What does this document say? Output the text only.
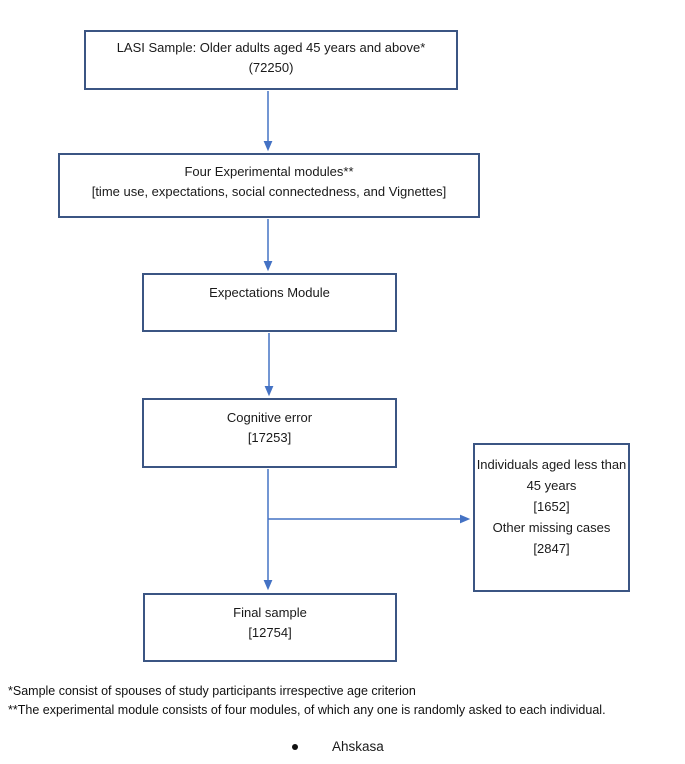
LASI Sample: Older adults aged 45 years and above*
(72250)
Four Experimental modules**
[time use, expectations, social connectedness, and Vignettes]
Expectations Module
Cognitive error
[17253]
Individuals aged less than 45 years
[1652]
Other missing cases
[2847]
Final sample
[12754]
*Sample consist of spouses of study participants irrespective age criterion
**The experimental module consists of four modules, of which any one is randomly asked to each individual.
Ahskasa
